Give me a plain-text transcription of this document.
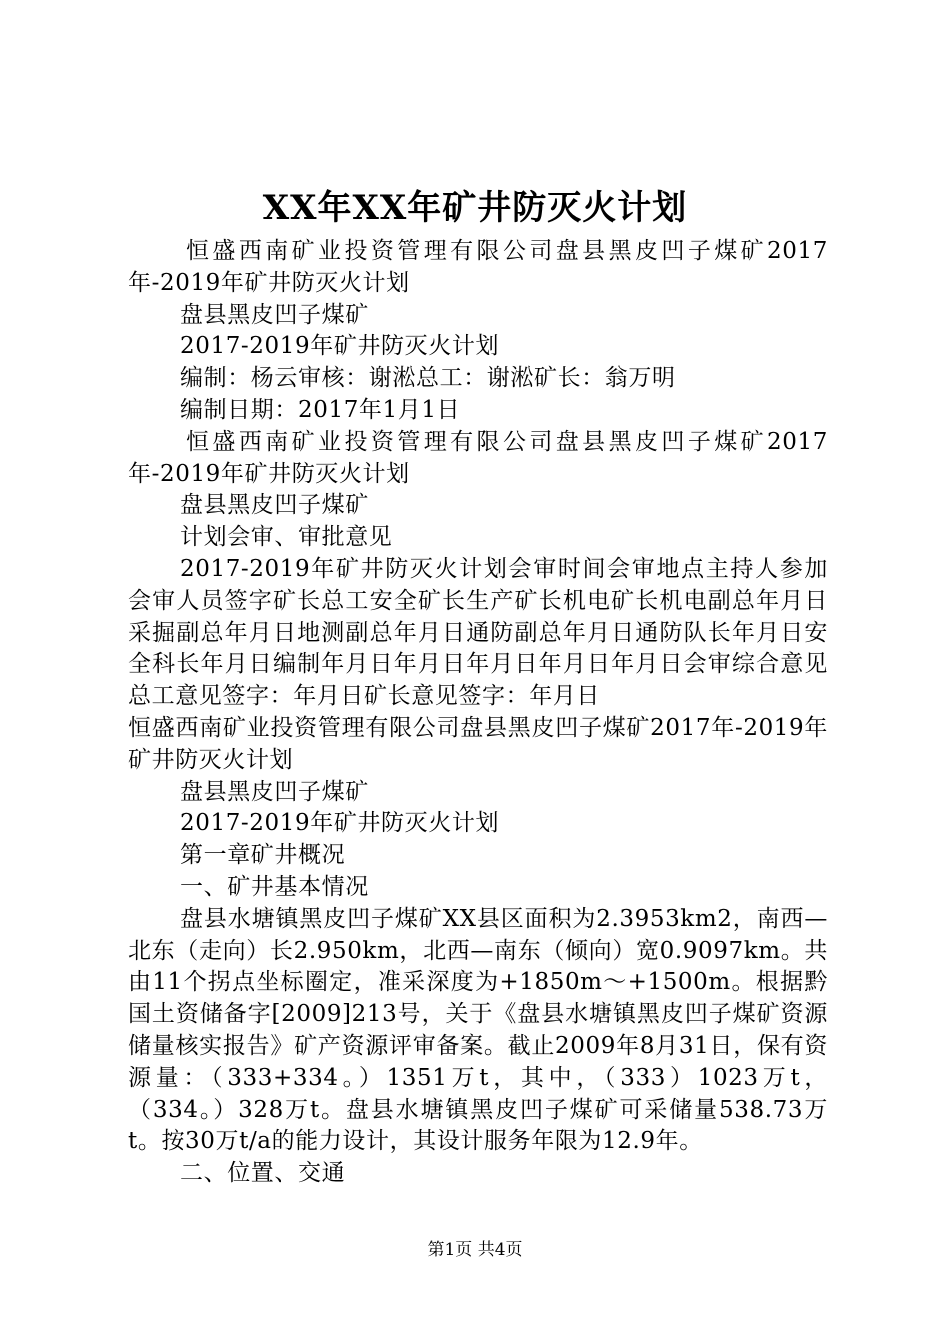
XX年XX年矿井防灭火计划

恒盛西南矿业投资管理有限公司盘县黑皮凹子煤矿2017年-2019年矿井防灭火计划

盘县黑皮凹子煤矿

2017-2019年矿井防灭火计划

编制：杨云审核：谢淞总工：谢淞矿长：翁万明

编制日期：2017年1月1日

恒盛西南矿业投资管理有限公司盘县黑皮凹子煤矿2017年-2019年矿井防灭火计划

盘县黑皮凹子煤矿

计划会审、审批意见

2017-2019年矿井防灭火计划会审时间会审地点主持人参加会审人员签字矿长总工安全矿长生产矿长机电矿长机电副总年月日采掘副总年月日地测副总年月日通防副总年月日通防队长年月日安全科长年月日编制年月日年月日年月日年月日年月日会审综合意见总工意见签字：年月日矿长意见签字：年月日

恒盛西南矿业投资管理有限公司盘县黑皮凹子煤矿2017年-2019年矿井防灭火计划

盘县黑皮凹子煤矿

2017-2019年矿井防灭火计划

第一章矿井概况

一、矿井基本情况

盘县水塘镇黑皮凹子煤矿XX县区面积为2.3953km2，南西—北东（走向）长2.950km，北西—南东（倾向）宽0.9097km。共由11个拐点坐标圈定，准采深度为+1850m～+1500m。根据黔国土资储备字[2009]213号，关于《盘县水塘镇黑皮凹子煤矿资源储量核实报告》矿产资源评审备案。截止2009年8月31日，保有资源量：（333+334。）1351万t，其中，（333）1023万t，（334。）328万t。盘县水塘镇黑皮凹子煤矿可采储量538.73万t。按30万t/a的能力设计，其设计服务年限为12.9年。

二、位置、交通

第1页 共4页
